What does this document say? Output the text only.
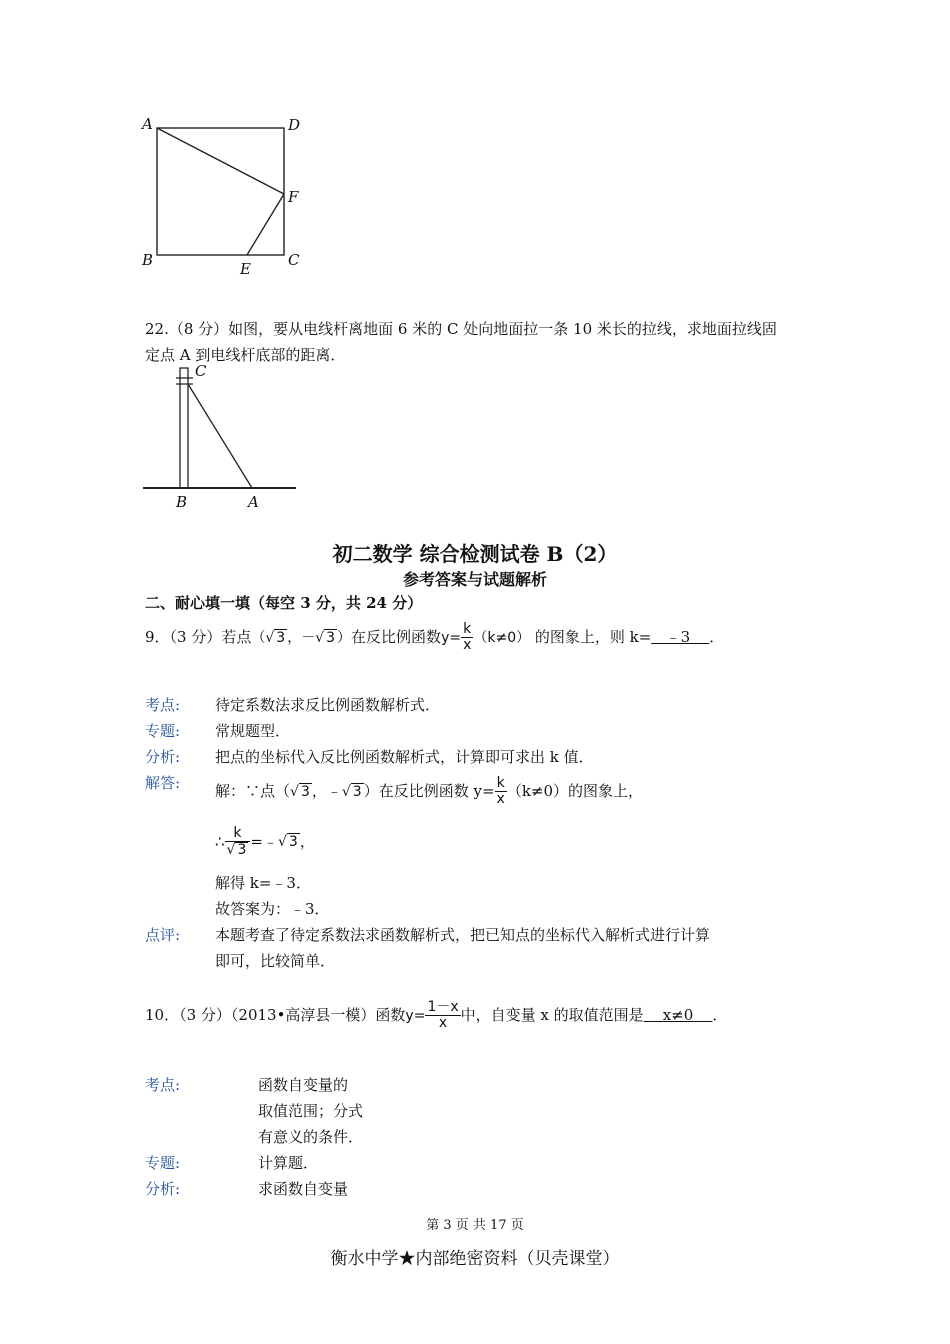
A	D
F
B	E C
22.（8 分）如图，要从电线杆离地面 6 米的 C 处向地面拉一条 10 米长的拉线，求地面拉线固
定点 A 到电线杆底部的距离．
C
B	A
初二数学 综合检测试卷 B（2）
参考答案与试题解析
二、耐心填一填（每空 3 分，共 24 分）
9．（3 分）若点（√ 3 ，－√ 3 ）在反比例函数$y= \frac{k}{x} (k\ne 0)$ 的图象上，则 k= ﹣3 ．
考点: 待定系数法求反比例函数解析式．
专题: 常规题型．
分析: 把点的坐标代入反比例函数解析式，计算即可求出 k 值．
解答: 解：∵点（√ 3 ，﹣√ 3 ）在反比例函数 $y= \frac{k}{x} (k\ne 0)$的图象上，
∴ $\frac{k}{√ 3}$ =﹣√ 3 ，
解得 k=﹣3．
故答案为：﹣3．
点评: 本题考查了待定系数法求函数解析式，把已知点的坐标代入解析式进行计算
即可，比较简单．
10．（3 分）（2013•高淳县一模）函数$y= \frac{1-x}{x}$ 中，自变量 x 的取值范围是 x≠0 ．
考点:	函数自变量的
取值范围；分式
有意义的条件．
专题:	计算题．
分析:	求函数自变量
第 3 页 共 17 页
衡水中学★内部绝密资料（贝壳课堂）
